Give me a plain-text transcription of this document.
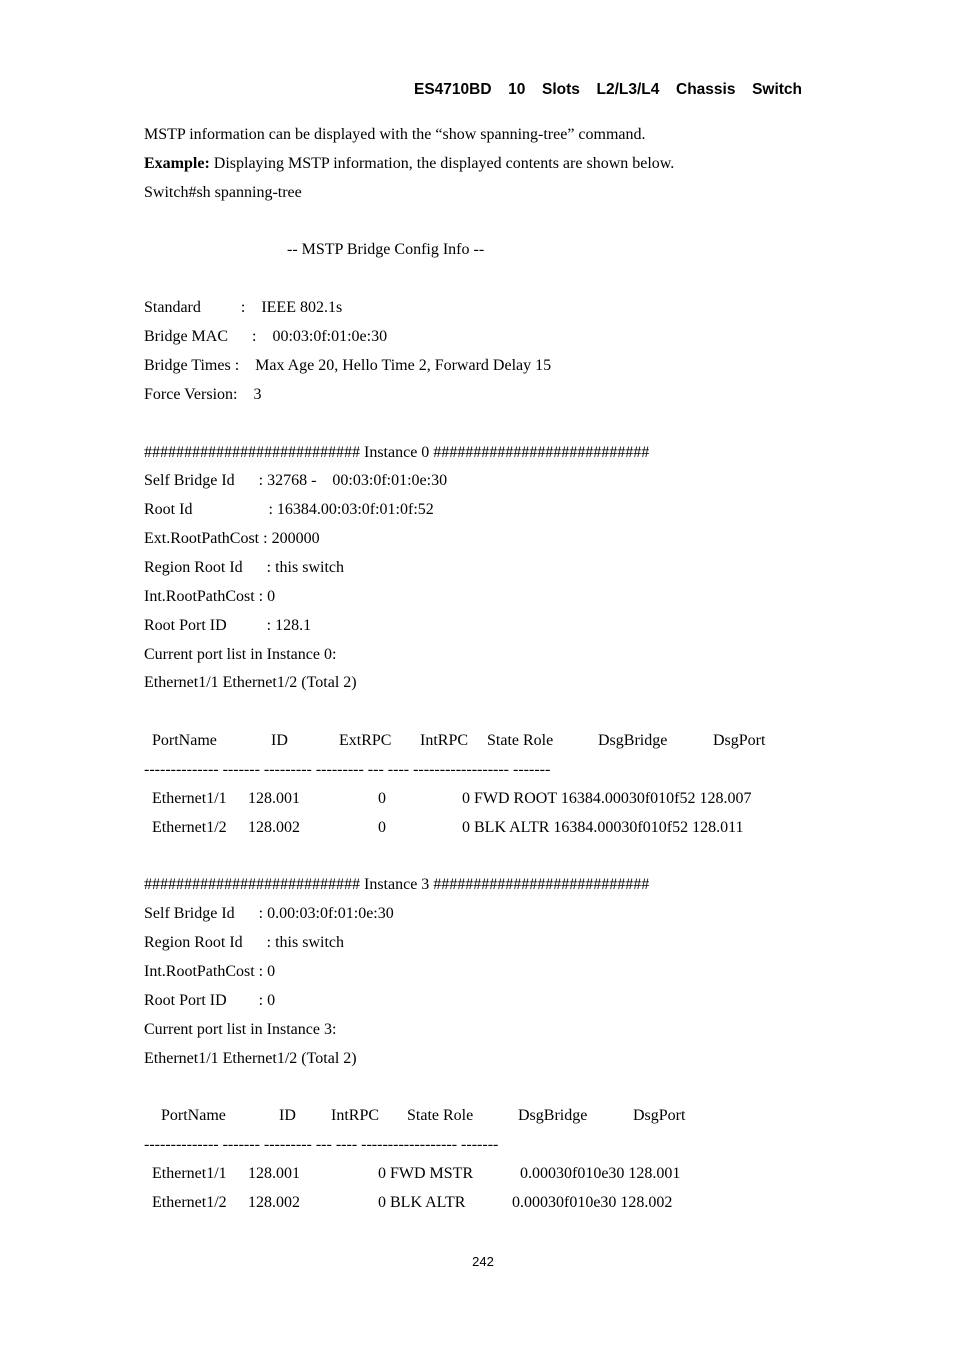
ES4710BD  10  Slots  L2/L3/L4  Chassis  Switch
MSTP information can be displayed with the “show spanning-tree” command.
Example: Displaying MSTP information, the displayed contents are shown below.
Switch#sh spanning-tree
-- MSTP Bridge Config Info --
Standard          :    IEEE 802.1s
Bridge MAC      :    00:03:0f:01:0e:30
Bridge Times :    Max Age 20, Hello Time 2, Forward Delay 15
Force Version:    3
########################### Instance 0 ###########################
Self Bridge Id      : 32768 -    00:03:0f:01:0e:30
Root Id                   : 16384.00:03:0f:01:0f:52
Ext.RootPathCost : 200000
Region Root Id      : this switch
Int.RootPathCost : 0
Root Port ID          : 128.1
Current port list in Instance 0:
Ethernet1/1 Ethernet1/2 (Total 2)
PortName	ID	ExtRPC IntRPC State Role	DsgBridge	DsgPort
-------------- ------- --------- --------- --- ---- ------------------ -------
Ethernet1/1 128.001	0	0 FWD ROOT 16384.00030f010f52 128.007
Ethernet1/2 128.002	0	0 BLK ALTR 16384.00030f010f52 128.011
########################### Instance 3 ###########################
Self Bridge Id      : 0.00:03:0f:01:0e:30
Region Root Id      : this switch
Int.RootPathCost : 0
Root Port ID        : 0
Current port list in Instance 3:
Ethernet1/1 Ethernet1/2 (Total 2)
PortName	ID IntRPC State Role	DsgBridge	DsgPort
-------------- ------- --------- --- ---- ------------------ -------
Ethernet1/1 128.001	0 FWD MSTR	0.00030f010e30 128.001
Ethernet1/2 128.002	0 BLK ALTR	0.00030f010e30 128.002
242
